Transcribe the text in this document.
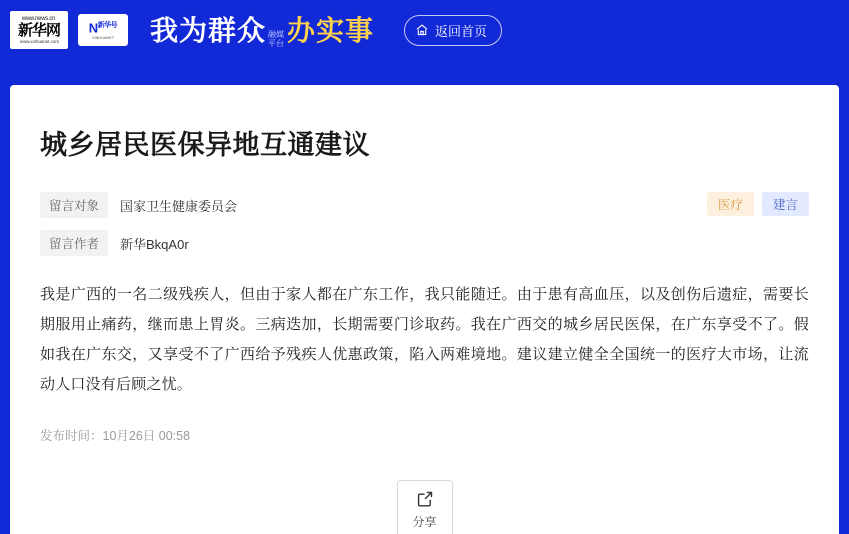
www.news.cn
新华网
www.xinhuanet.com
$N^{新华号}$
XINHUANET 我为群众 融媒
平台 办实事	返回首页
城乡居民医保异地互通建议
留言对象	国家卫生健康委员会	医疗	建言
留言作者	新华BkqA0r
我是广西的一名二级残疾人，但由于家人都在广东工作，我只能随迁。由于患有高血压，以及创伤后遗症，需要长期服用止痛药，继而患上胃炎。三病迭加，长期需要门诊取药。我在广西交的城乡居民医保，在广东享受不了。假如我在广东交，又享受不了广西给予残疾人优惠政策，陷入两难境地。建议建立健全全国统一的医疗大市场，让流动人口没有后顾之忧。
发布时间：10月26日 00:58
分享
